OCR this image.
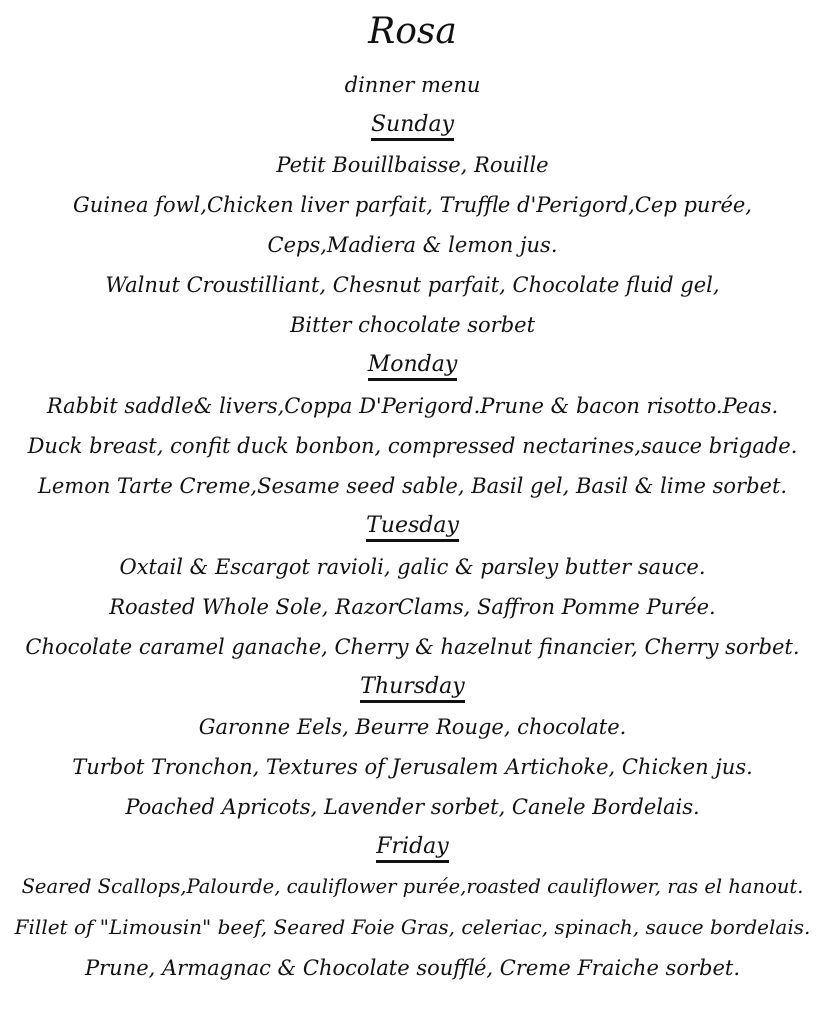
Rosa
dinner menu
Sunday
Petit Bouillbaisse, Rouille
Guinea fowl,Chicken liver parfait, Truffle d'Perigord,Cep purée,
Ceps,Madiera & lemon jus.
Walnut Croustilliant, Chesnut parfait, Chocolate fluid gel,
Bitter chocolate sorbet
Monday
Rabbit saddle& livers,Coppa D'Perigord.Prune & bacon risotto.Peas.
Duck breast, confit duck bonbon, compressed nectarines,sauce brigade.
Lemon Tarte Creme,Sesame seed sable, Basil gel, Basil & lime sorbet.
Tuesday
Oxtail & Escargot ravioli, galic & parsley butter sauce.
Roasted Whole Sole, RazorClams, Saffron Pomme Purée.
Chocolate caramel ganache, Cherry & hazelnut financier, Cherry sorbet.
Thursday
Garonne Eels, Beurre Rouge, chocolate.
Turbot Tronchon, Textures of Jerusalem Artichoke, Chicken jus.
Poached Apricots, Lavender sorbet, Canele Bordelais.
Friday
Seared Scallops,Palourde, cauliflower purée,roasted cauliflower, ras el hanout.
Fillet of "Limousin" beef, Seared Foie Gras, celeriac, spinach, sauce bordelais.
Prune, Armagnac & Chocolate soufflé, Creme Fraiche sorbet.
